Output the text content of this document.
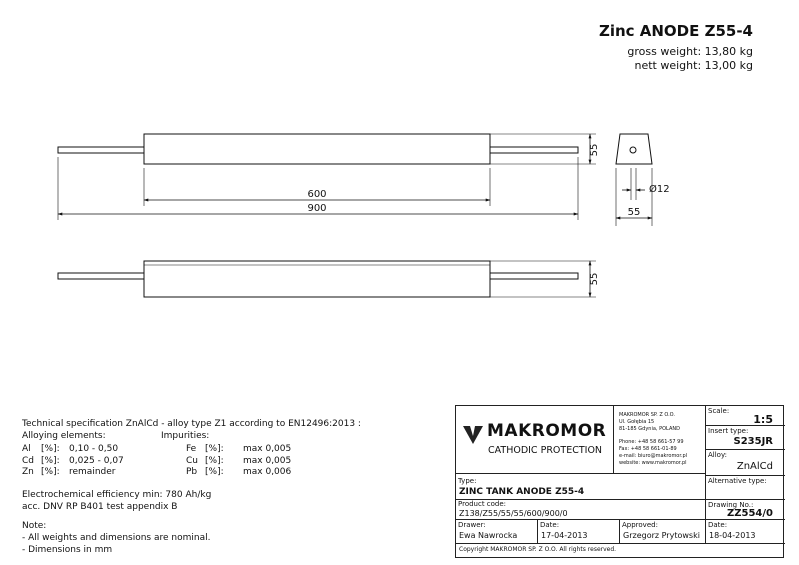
Zinc ANODE Z55-4
gross weight: 13,80 kg
nett weight: 13,00 kg
55
Ø12
55
600
900
55
Technical specification ZnAlCd - alloy type Z1 according to EN12496:2013 :
Alloying elements:	Impurities:
Al [%]: 0,10 - 0,50
Cd [%]: 0,025 - 0,07
Zn [%]: remainder
Fe [%]: max 0,005
Cu [%]: max 0,005
Pb [%]: max 0,006
Electrochemical efficiency min: 780 Ah/kg
acc. DNV RP B401 test appendix B
Note:
- All weights and dimensions are nominal.
- Dimensions in mm
MAKROMOR
CATHODIC PROTECTION
MAKROMOR SP. Z O.O.
Ul. Gołębia 15
81-185 Gdynia, POLAND
Phone: +48 58 661-57 99
Fax: +48 58 661-01-89
e-mail: biuro@makromor.pl
website: www.makromor.pl
Scale:
1:5
Insert type:
S235JR
Alloy:
ZnAlCd
Alternative type:
Drawing No.:
ZZ554/0
Type:
ZINC TANK ANODE Z55-4
Product code:
Z138/Z55/55/55/600/900/0
Drawer:
Ewa Nawrocka
Date:
17-04-2013
Approved:
Grzegorz Prytowski
Date:
18-04-2013
Copyright MAKROMOR SP. Z O.O. All rights reserved.
